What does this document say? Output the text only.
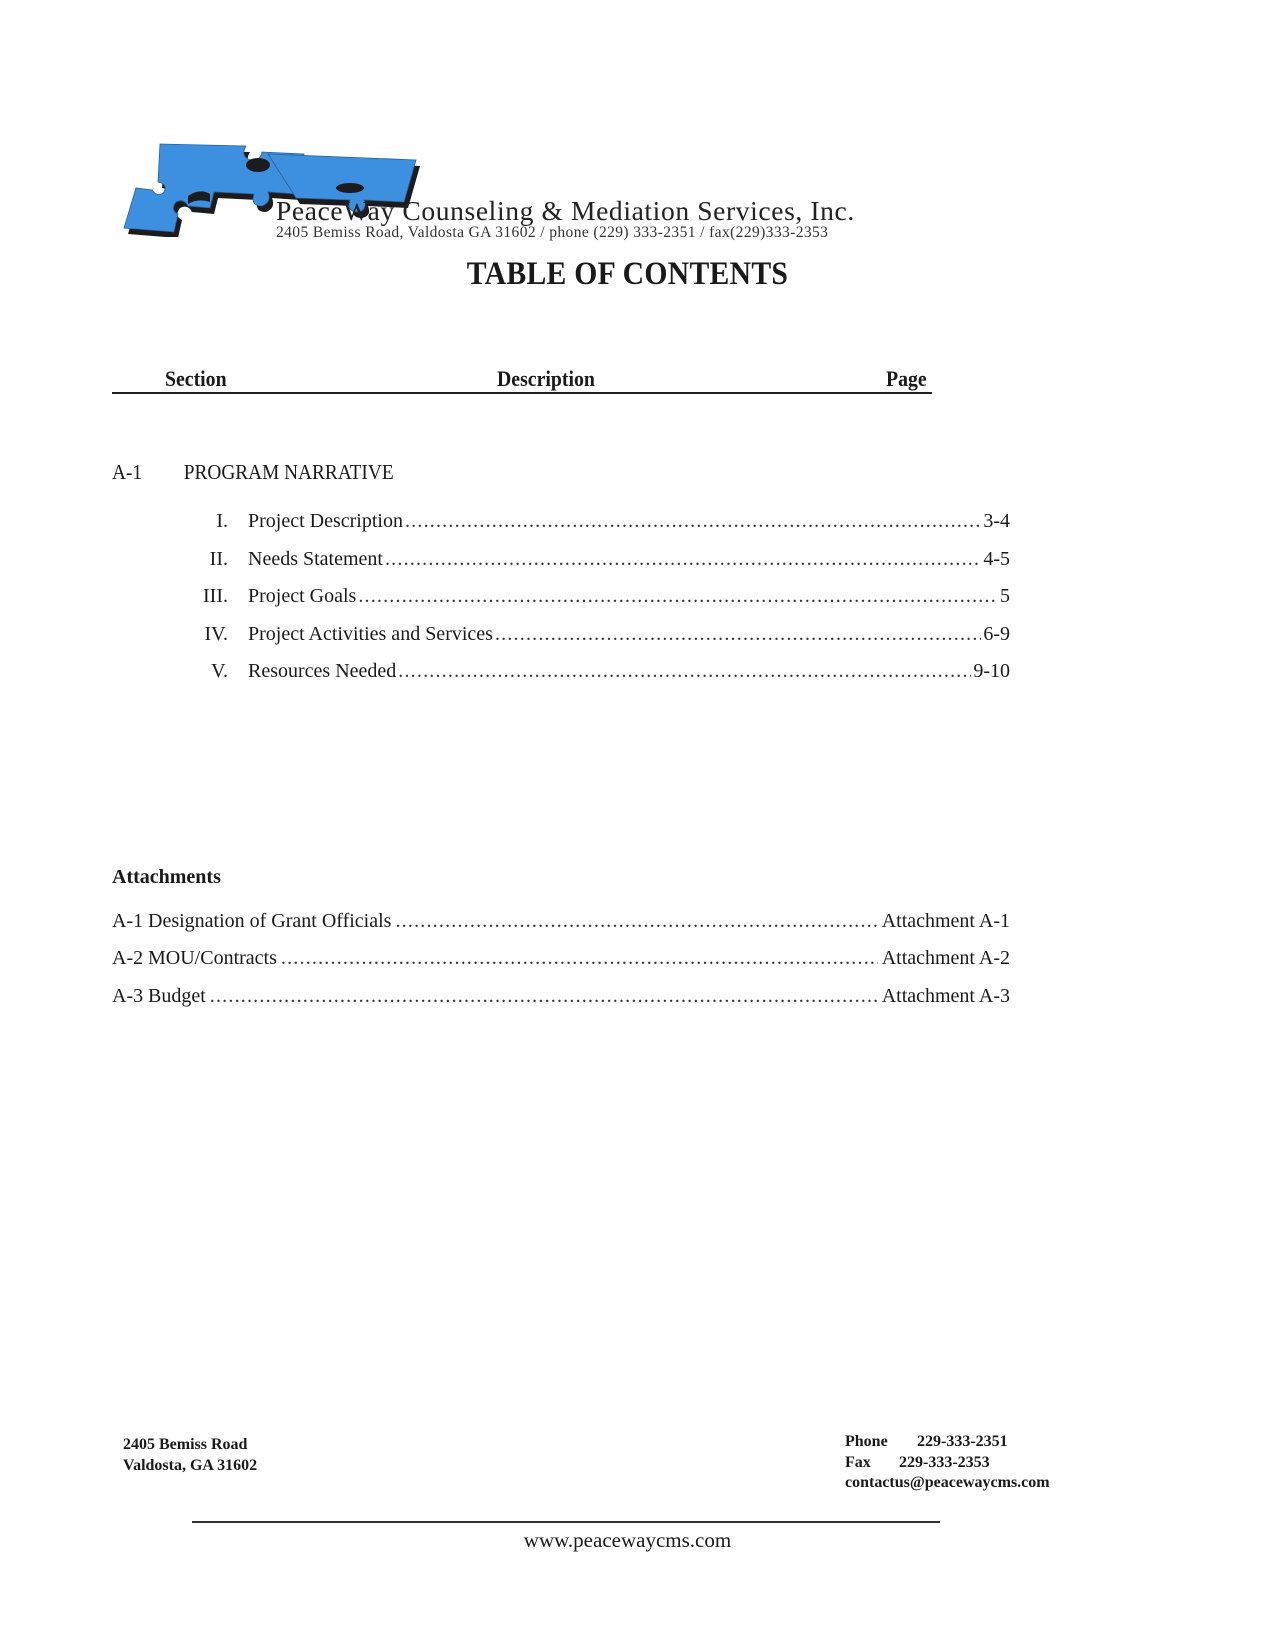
PeaceWay Counseling & Mediation Services, Inc.
2405 Bemiss Road, Valdosta GA 31602 / phone (229) 333-2351 / fax(229)333-2353
TABLE OF CONTENTS
Section	Description	Page
A-1 PROGRAM NARRATIVE
I.	Project Description .....	3-4
II.	Needs Statement .....	4-5
III.	Project Goals .....	5
IV.	Project Activities and Services .....	6-9
V.	Resources Needed .....	9-10
Attachments
A-1 Designation of Grant Officials .....	Attachment A-1
A-2 MOU/Contracts .....	Attachment A-2
A-3 Budget .....	Attachment A-3
2405 Bemiss Road
Valdosta, GA 31602
Phone 229-333-2351
Fax 229-333-2353
contactus@peacewaycms.com
www.peacewaycms.com
